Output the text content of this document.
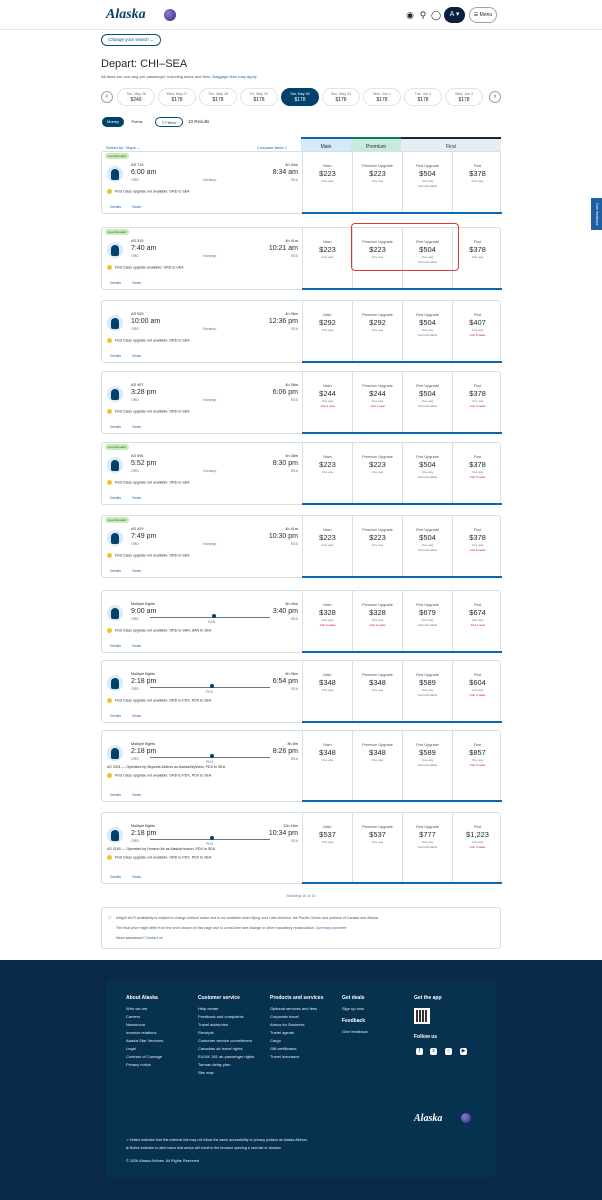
Alaska	◉ ⚲ ◯	A ▾	☰ Menu
Change your search ⌄
Depart: CHI–SEA
All fares are one-way per passenger, including taxes and fees. Baggage fees may apply.
‹	Tue, May 26
$249
Wed, May 27
$178
Thu, May 28
$178
Fri, May 29
$178
Sat, May 30
$178
Sun, May 31
$178
Mon, Jun 1
$178
Tue, Jun 2
$178
Wed, Jun 3
$178	›
Money	Points	≡ Filters	10 Results
Sorted by: Stops ⌄	Compare fares ☇	Main	Premium	First
Low fare alert
AS 715	4h 34m
6:00 am	8:34 am
ORD	SEA
Nonstop
First Class upgrade not available: ORD to SEA
Details	Seats
Main
$223
One way
Premium Upgrade
$223
One way
First Upgrade
$504
One way
Nonrefundable
First
$378
One way
Low fare alert
AS 515	4h 41m
7:40 am	10:21 am
ORD	SEA
Nonstop
First Class upgrade available: ORD to SEA
Details	Seats
Main
$223
One way
Premium Upgrade
$223
One way
First Upgrade
$504
One way
Nonrefundable
First
$378
One way
AS 529	4h 36m
10:00 am	12:36 pm
ORD	SEA
Nonstop
First Class upgrade not available: ORD to SEA
Details	Seats
Main
$292
One way
Premium Upgrade
$292
One way
First Upgrade
$504
One way
Nonrefundable
First
$407
One way
Just 5 seats
AS 407	4h 38m
3:28 pm	6:06 pm
ORD	SEA
Nonstop
First Class upgrade not available: ORD to SEA
Details	Seats
Main
$244
One way
Just 1 seat
Premium Upgrade
$244
One way
Just 1 seat
First Upgrade
$504
One way
Nonrefundable
First
$378
One way
Just 3 seats
Low fare alert
AS 594	4h 38m
5:52 pm	8:30 pm
ORD	SEA
Nonstop
First Class upgrade not available: ORD to SEA
Details	Seats
Main
$223
One way
Premium Upgrade
$223
One way
First Upgrade
$504
One way
Nonrefundable
First
$378
One way
Just 5 seats
Low fare alert
AS 429	4h 41m
7:49 pm	10:30 pm
ORD	SEA
Nonstop
First Class upgrade not available: ORD to SEA
Details	Seats
Main
$223
One way
Premium Upgrade
$223
One way
First Upgrade
$504
One way
Nonrefundable
First
$378
One way
Just 5 seats
Multiple flights	8h 40m
9:00 am	3:40 pm
ORD	SEA
SAN
First Class upgrade not available: ORD to SAN, SAN to SEA
Details	Seats
Main
$328
One way
Just 2 seats
Premium Upgrade
$328
One way
Just 2 seats
First Upgrade
$679
One way
Nonrefundable
First
$674
One way
Just 1 seat
Multiple flights	6h 36m
2:18 pm	6:54 pm
ORD	SEA
PDX
First Class upgrade not available: ORD to PDX, PDX to SEA
Details	Seats
Main
$348
One way
Premium Upgrade
$348
One way
First Upgrade
$589
One way
Nonrefundable
First
$604
One way
Just 2 seats
Multiple flights	8h 8m
2:18 pm	8:26 pm
ORD	SEA
PDX
AS 3301 — Operated by Skywest Airlines as AlaskaSkyWest. PDX to SEA
First Class upgrade not available: ORD to PDX, PDX to SEA
Details	Seats
Main
$348
One way
Premium Upgrade
$348
One way
First Upgrade
$589
One way
Nonrefundable
First
$857
One way
Just 3 seats
Multiple flights	10h 16m
2:18 pm	10:34 pm
ORD	SEA
PDX
AS 2190 — Operated by Horizon Air as AlaskaHorizon. PDX to SEA
First Class upgrade not available: ORD to PDX, PDX to SEA
Details	Seats
Main
$537
One way
Premium Upgrade
$537
One way
First Upgrade
$777
One way
Nonrefundable
First
$1,223
One way
Just 3 seats
Showing 10 of 10
ⓘ Inflight Wi-Fi availability is subject to change without notice and is not available when flying over Latin America, the Pacific Ocean and portions of Canada and Alaska.
The final price might differ from the price shown on this page due to a real-time fare change or other mandatory recalculation. Currency converter
Need assistance? Contact us
Give feedback
About Alaska
Who we are
Careers
Newsroom
Investor relations
Alaska Star Ventures
Legal
Contract of Carriage
Privacy notice
Customer service
Help center
Feedback and complaints
Travel advisories
Receipts
Customer service commitment
Canadian air travel rights
EU/UK 261 air passenger rights
Tarmac delay plan
Site map
Products and services
Optional services and fees
Corporate travel
Atmos for Business
Travel agents
Cargo
Gift certificates
Travel insurance
Get deals
Sign up now
Feedback
Give feedback
Get the app
Follow us
f	x	○	▶
Alaska
↗ Notice indicator that this external link may not follow the same accessibility or privacy policies as Alaska Airlines.
⧉ Notice indicator to alert users that action will result in the browser opening a new tab or window.
© 2026 Alaska Airlines. All Rights Reserved
